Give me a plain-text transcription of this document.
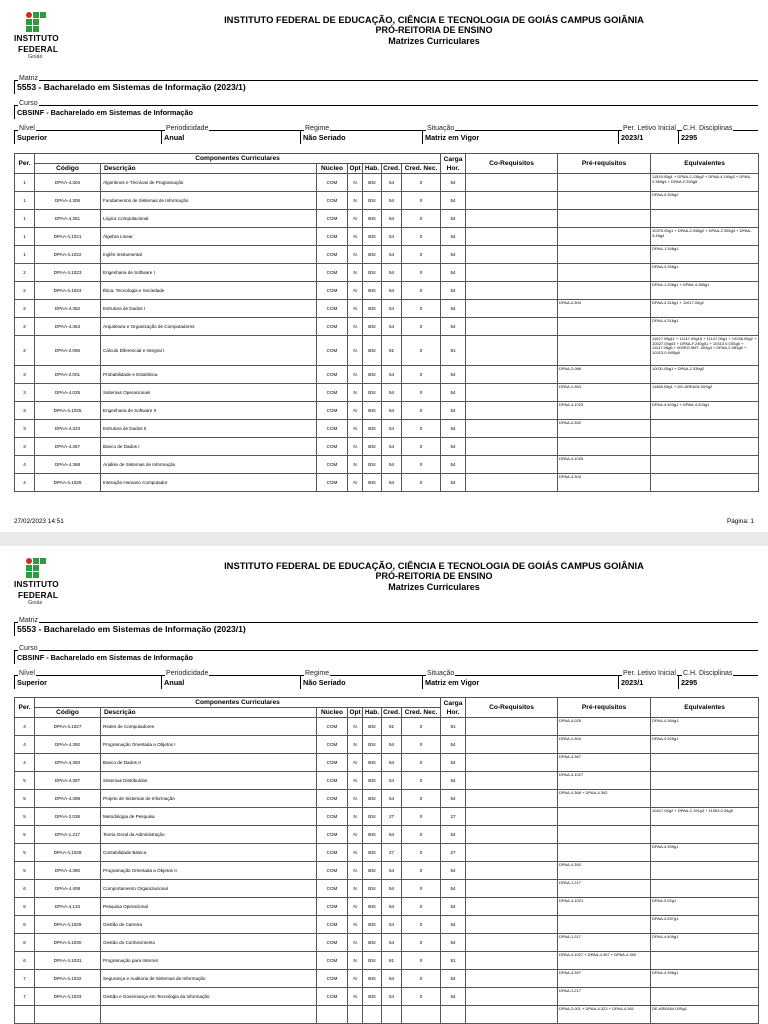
INSTITUTO
FEDERAL
Goiás
INSTITUTO FEDERAL DE EDUCAÇÃO, CIÊNCIA E TECNOLOGIA DE GOIÁS CAMPUS GOIÂNIA
PRÓ-REITORIA DE ENSINO
Matrizes Curriculares
Matriz
5553 - Bacharelado em Sistemas de Informação (2023/1)
Curso
CBSINF - Bacharelado em Sistemas de Informação
Nível
Superior
Periodicidade
Anual
Regime
Não Seriado
Situação
Matriz em Vigor
Per. Letivo Inicial
2023/1
C.H. Disciplinas
2295
Per.	Componentes Curriculares							Carga Hor.	Co-Requisitos	Pré-requisitos	Equivalentes
	Código	Descrição	Núcleo	Opt	Hab.	Cred.	Cred. Nec.				
1	DPAA-4.304	Algoritmos e Técnicas de Programação	COM	N	BSI	54	0	54			11515.05g1 + DPAA-2.138g2 + DPAA-4.195g3 + DPAA-2.369g4 + DPAA-F.293g5
1	DPAA-4.306	Fundamentos de Sistemas de Informação	COM	N	BSI	54	0	54			DPAA-4.305g2
1	DPAA-4.351	Lógica Computacional	COM	N	BSI	54	0	54			
1	DPAA-4.1021	Álgebra Linear	COM	N	BSI	54	0	54			10370.05g1 + DPAA-2.058g2 + DPAA-2.395g3 + DPAA-3.45g4
1	DPAA-4.1022	Inglês Instrumental	COM	N	BSI	54	0	54			DPAA-1.348g1
2	DPAA-4.1023	Engenharia de Software I	COM	N	BSI	54	0	54			DPAA-4.358g1
2	DPAA-4.1024	Ética, Tecnologia e Sociedade	COM	N	BSI	54	0	54			DPAA-1.208g1 + DPAA-4.365g1
2	DPAA-4.352	Estrutura de Dados I	COM	N	BSI	54	0	54		DPAA-4.304	DPAA-4.315g1 + 11017.05g2
2	DPAA-4.363	Arquitetura e Organização de Computadores	COM	N	BSI	54	0	54			DPAA-4.316g1
2	DPAA-2.086	Cálculo Diferencial e Integral I	COM	N	BSI	81	0	81			11027.05g11 + 11147.05g15 + 11147.05g1 + 10258.05g2 + 10027.05g03 + DPAA-F.240g01 + 10313.0.03Sg5 + 11147.05g6 + 000RG.9MT..003g4 + DPAA-2.081g5 + 10313.0.9/05g9
3	DPAA-2.001	Probabilidade e Estatística	COM	N	BSI	54	0	54		DPAA-2.086	10031.05g1 + DPAA-2.339g2
3	DPAA-4.025	Sistemas Operacionais	COM	N	BSI	54	0	54		DPAA-4.363	11485.05g1 + DE-AREA04.00Sg2
3	DPAA-4.1025	Engenharia de Software II	COM	N	BSI	54	0	54		DPAA-4.1023	DPAA-4.403g1 + DPAA-4.403g1
3	DPAA-4.323	Estrutura de Dados II	COM	N	BSI	54	0	54		DPAA-4.352	
3	DPAA-4.367	Banco de Dados I	COM	N	BSI	54	0	54			
4	DPAA-4.368	Análise de Sistemas de Informação	COM	N	BSI	54	0	54		DPAA-4.1025	
4	DPAA-4.1026	Interação Humano Computador	COM	N	BSI	54	0	54		DPAA-4.304	
27/02/2023 14:51	Página: 1
INSTITUTO
FEDERAL
Goiás
INSTITUTO FEDERAL DE EDUCAÇÃO, CIÊNCIA E TECNOLOGIA DE GOIÁS CAMPUS GOIÂNIA
PRÓ-REITORIA DE ENSINO
Matrizes Curriculares
Matriz
5553 - Bacharelado em Sistemas de Informação (2023/1)
Curso
CBSINF - Bacharelado em Sistemas de Informação
Nível
Superior
Periodicidade
Anual
Regime
Não Seriado
Situação
Matriz em Vigor
Per. Letivo Inicial
2023/1
C.H. Disciplinas
2295
Per.	Componentes Curriculares							Carga Hor.	Co-Requisitos	Pré-requisitos	Equivalentes
	Código	Descrição	Núcleo	Opt	Hab.	Cred.	Cred. Nec.				
4	DPAA-4.1027	Redes de Computadores	COM	N	BSI	81	0	81		DPAA-4.025	DPAA-4.364g1
4	DPAA-4.392	Programação Orientada a Objetos I	COM	N	BSI	54	0	54		DPAA-4.304	DPAA-4.325g1
4	DPAA-4.393	Banco de Dados II	COM	N	BSI	54	0	54		DPAA-4.367	
5	DPAA-4.397	Sistemas Distribuídos	COM	N	BSI	54	0	54		DPAA-4.1027	
5	DPAA-4.398	Projeto de Sistemas de Informação	COM	N	BSI	54	0	54		DPAA-4.368 + DPAA-4.392	
5	DPAA-2.036	Metodologia de Pesquisa	COM	N	BSI	27	0	27			10417.05g2 + DPAA-2.191g3 + 11053.0.34g5
5	DPAA-1.217	Teoria Geral da Administração	COM	N	BSI	54	0	54			
5	DPAA-4.1028	Contabilidade Básica	COM	N	BSI	27	0	27			DPAA-4.399g1
5	DPAA-4.360	Programação Orientada a Objetos II	COM	N	BSI	54	0	54		DPAA-4.392	
6	DPAA-4.408	Comportamento Organizacional	COM	N	BSI	54	0	54		DPAA-1.217	
6	DPAA-4.134	Pesquisa Operacional	COM	N	BSI	54	0	54		DPAA-4.1021	DPAA-3.02g1
6	DPAA-4.1029	Gestão de Carreira	COM	N	BSI	54	0	54			DPAA-4.537g1
6	DPAA-4.1030	Gestão do Conhecimento	COM	N	BSI	54	0	54		DPAA-1.217	DPAA-4.409g1
6	DPAA-4.1031	Programação para Internet	COM	N	BSI	81	0	81		DPAA-4.1027 + DPAA-4.367 + DPAA-4.392	
7	DPAA-4.1032	Segurança e Auditoria de Sistemas de Informação	COM	N	BSI	54	0	54		DPAA-4.397	DPAA-4.396g1
7	DPAA-4.1033	Gestão e Governança em Tecnologia da Informação	COM	N	BSI	54	0	54		DPAA-1.217	
										DPAA-2.001 + DPAA-4.323 + DPAA-4.361	DE-AREA04.00Sg1
